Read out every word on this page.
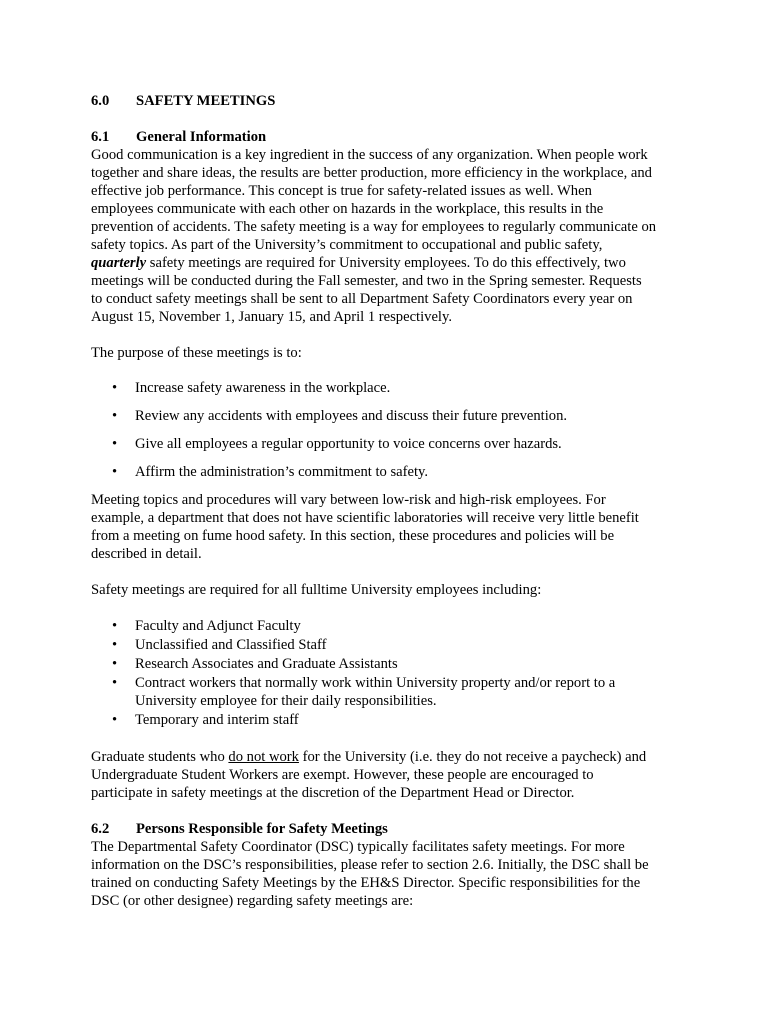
6.0	SAFETY MEETINGS
6.1	General Information

Good communication is a key ingredient in the success of any organization. When people work
together and share ideas, the results are better production, more efficiency in the workplace, and
effective job performance. This concept is true for safety-related issues as well. When
employees communicate with each other on hazards in the workplace, this results in the
prevention of accidents. The safety meeting is a way for employees to regularly communicate on
safety topics. As part of the University’s commitment to occupational and public safety,
quarterly safety meetings are required for University employees. To do this effectively, two
meetings will be conducted during the Fall semester, and two in the Spring semester. Requests
to conduct safety meetings shall be sent to all Department Safety Coordinators every year on
August 15, November 1, January 15, and April 1 respectively.

The purpose of these meetings is to:

• Increase safety awareness in the workplace.
• Review any accidents with employees and discuss their future prevention.
• Give all employees a regular opportunity to voice concerns over hazards.
• Affirm the administration’s commitment to safety.

Meeting topics and procedures will vary between low-risk and high-risk employees. For
example, a department that does not have scientific laboratories will receive very little benefit
from a meeting on fume hood safety. In this section, these procedures and policies will be
described in detail.

Safety meetings are required for all fulltime University employees including:

• Faculty and Adjunct Faculty
• Unclassified and Classified Staff
• Research Associates and Graduate Assistants
• Contract workers that normally work within University property and/or report to a University employee for their daily responsibilities.
• Temporary and interim staff

Graduate students who do not work for the University (i.e. they do not receive a paycheck) and
Undergraduate Student Workers are exempt. However, these people are encouraged to
participate in safety meetings at the discretion of the Department Head or Director.

6.2	Persons Responsible for Safety Meetings

The Departmental Safety Coordinator (DSC) typically facilitates safety meetings. For more
information on the DSC’s responsibilities, please refer to section 2.6. Initially, the DSC shall be
trained on conducting Safety Meetings by the EH&S Director. Specific responsibilities for the
DSC (or other designee) regarding safety meetings are:
